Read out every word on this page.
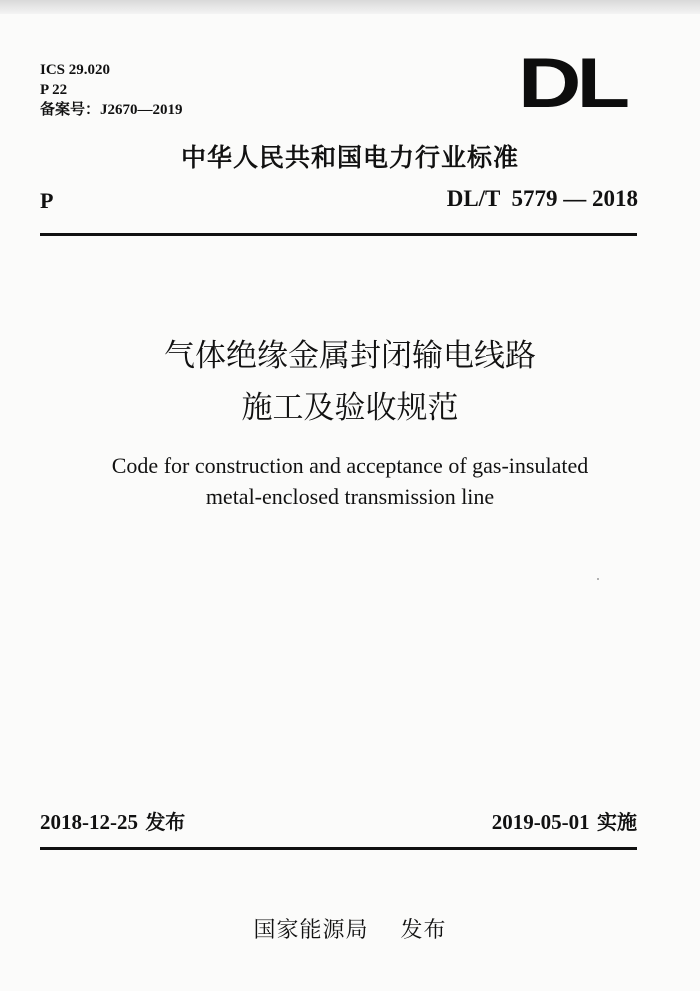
ICS 29.020
P 22
备案号：J2670—2019	DL
中华人民共和国电力行业标准
P	DL/T  5779 — 2018
气体绝缘金属封闭输电线路
施工及验收规范
Code for construction and acceptance of gas-insulated
metal-enclosed transmission line
2018-12-25 发布	2019-05-01 实施
国家能源局 发布
